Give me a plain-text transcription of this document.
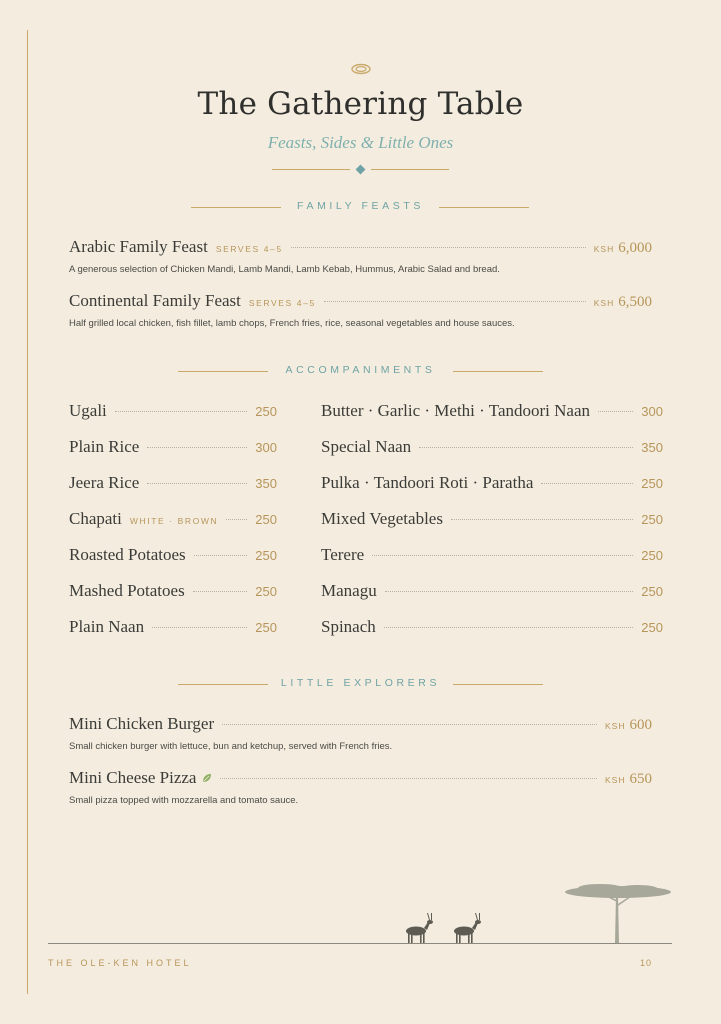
The Gathering Table
Feasts, Sides & Little Ones
FAMILY FEASTS
Arabic Family Feast SERVES 4–5	KSH 6,000
A generous selection of Chicken Mandi, Lamb Mandi, Lamb Kebab, Hummus, Arabic Salad and bread.
Continental Family Feast SERVES 4–5	KSH 6,500
Half grilled local chicken, fish fillet, lamb chops, French fries, rice, seasonal vegetables and house sauces.
ACCOMPANIMENTS
Ugali	250
Plain Rice	300
Jeera Rice	350
Chapati WHITE · BROWN	250
Roasted Potatoes	250
Mashed Potatoes	250
Plain Naan	250
Butter · Garlic · Methi · Tandoori Naan	300
Special Naan	350
Pulka · Tandoori Roti · Paratha	250
Mixed Vegetables	250
Terere	250
Managu	250
Spinach	250
LITTLE EXPLORERS
Mini Chicken Burger	KSH 600
Small chicken burger with lettuce, bun and ketchup, served with French fries.
Mini Cheese Pizza	KSH 650
Small pizza topped with mozzarella and tomato sauce.
THE OLE-KEN HOTEL	10
